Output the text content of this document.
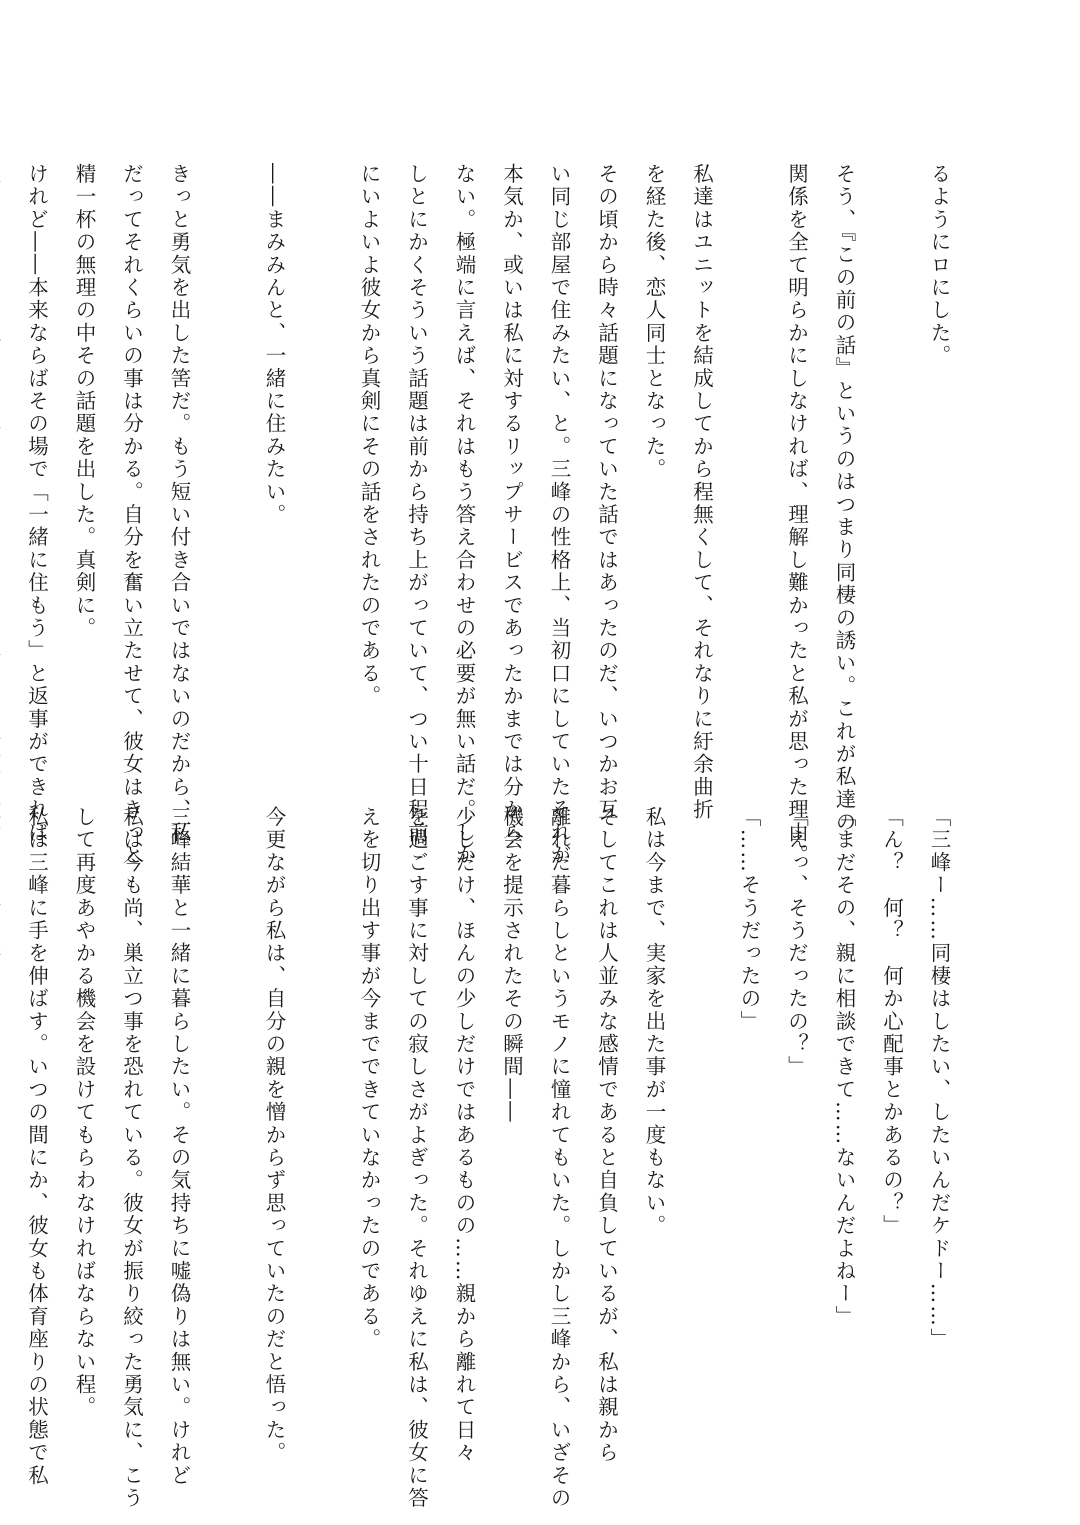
るようにロにした。

そう、『この前の話』というのはつまり同棲の誘い。これが私達の
関係を全て明らかにしなければ、理解し難かったと私が思った理由。

私達はユニットを結成してから程無くして、それなりに紆余曲折
を経た後、恋人同士となった。
その頃から時々話題になっていた話ではあったのだ、いつかお互
い同じ部屋で住みたい、と。三峰の性格上、当初口にしていたそれが
本気か、或いは私に対するリップサービスであったかまでは分から
ない。極端に言えば、それはもう答え合わせの必要が無い話だ。しか
しとにかくそういう話題は前から持ち上がっていて、つい十日程前
にいよいよ彼女から真剣にその話をされたのである。

――まみみんと、一緒に住みたい。

きっと勇気を出した筈だ。もう短い付き合いではないのだから、私
だってそれくらいの事は分かる。自分を奮い立たせて、彼女はきっと
精一杯の無理の中その話題を出した。真剣に。
けれど――本来ならばその場で「一緒に住もう」と返事ができれば

「三峰ー……同棲はしたい、したいんだケドー……」
「ん？　何？　何か心配事とかあるの？」
「まだその、親に相談できて……ないんだよねー」
「えっ、そうだったの？」
「……そうだったの」

私は今まで、実家を出た事が一度もない。
そしてこれは人並みな感情であると自負しているが、私は親から
離れた暮らしというモノに憧れてもいた。しかし三峰から、いざその
機会を提示されたその瞬間――
少しだけ、ほんの少しだけではあるものの……親から離れて日々
を過ごす事に対しての寂しさがよぎった。それゆえに私は、彼女に答
えを切り出す事が今までできていなかったのである。

今更ながら私は、自分の親を憎からず思っていたのだと悟った。

三峰結華と一緒に暮らしたい。その気持ちに嘘偽りは無い。けれど
私は今も尚、巣立つ事を恐れている。彼女が振り絞った勇気に、こう
して再度あやかる機会を設けてもらわなければならない程。
私は三峰に手を伸ばす。いつの間にか、彼女も体育座りの状態で私
